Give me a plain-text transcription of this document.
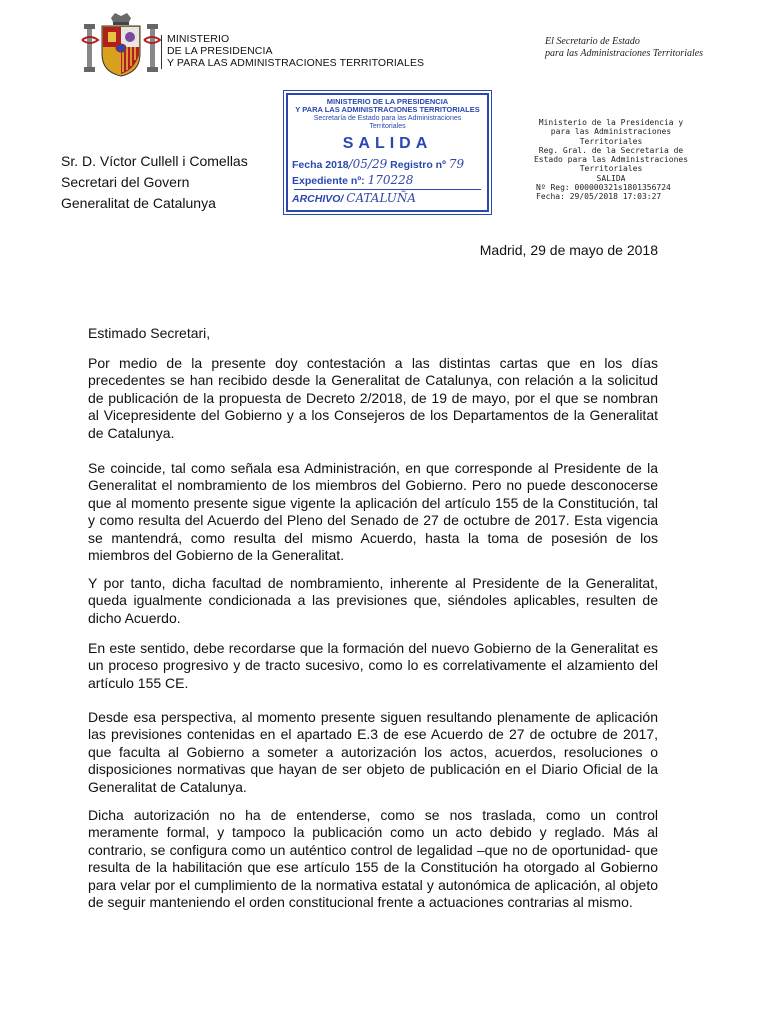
MINISTERIO
DE LA PRESIDENCIA
Y PARA LAS ADMINISTRACIONES TERRITORIALES
El Secretario de Estado
para las Administraciones Territoriales
MINISTERIO DE LA PRESIDENCIA
Y PARA LAS ADMINISTRACIONES TERRITORIALES
Secretaría de Estado para las Administraciones
Territoriales
SALIDA
Fecha 2018/05/29 Registro nº 79
Expediente nº: 170228
ARCHIVO/ CATALUÑA
Ministerio de la Presidencia y
para las Administraciones
Territoriales
Reg. Gral. de la Secretaria de
Estado para las Administraciones
Territoriales
SALIDA
Nº Reg: 000000321s1801356724
Fecha: 29/05/2018 17:03:27
Sr. D. Víctor Cullell i Comellas
Secretari del Govern
Generalitat de Catalunya
Madrid, 29 de mayo de 2018
Estimado Secretari,
Por medio de la presente doy contestación a las distintas cartas que en los días precedentes se han recibido desde la Generalitat de Catalunya, con relación a la solicitud de publicación de la propuesta de Decreto 2/2018, de 19 de mayo, por el que se nombran al Vicepresidente del Gobierno y a los Consejeros de los Departamentos de la Generalitat de Catalunya.
Se coincide, tal como señala esa Administración, en que corresponde al Presidente de la Generalitat el nombramiento de los miembros del Gobierno. Pero no puede desconocerse que al momento presente sigue vigente la aplicación del artículo 155 de la Constitución, tal y como resulta del Acuerdo del Pleno del Senado de 27 de octubre de 2017. Esta vigencia se mantendrá, como resulta del mismo Acuerdo, hasta la toma de posesión de los miembros del Gobierno de la Generalitat.
Y por tanto, dicha facultad de nombramiento, inherente al Presidente de la Generalitat, queda igualmente condicionada a las previsiones que, siéndoles aplicables, resulten de dicho Acuerdo.
En este sentido, debe recordarse que la formación del nuevo Gobierno de la Generalitat es un proceso progresivo y de tracto sucesivo, como lo es correlativamente el alzamiento del artículo 155 CE.
Desde esa perspectiva, al momento presente siguen resultando plenamente de aplicación las previsiones contenidas en el apartado E.3 de ese Acuerdo de 27 de octubre de 2017, que faculta al Gobierno a someter a autorización los actos, acuerdos, resoluciones o disposiciones normativas que hayan de ser objeto de publicación en el Diario Oficial de la Generalitat de Catalunya.
Dicha autorización no ha de entenderse, como se nos traslada, como un control meramente formal, y tampoco la publicación como un acto debido y reglado. Más al contrario, se configura como un auténtico control de legalidad –que no de oportunidad- que resulta de la habilitación que ese artículo 155 de la Constitución ha otorgado al Gobierno para velar por el cumplimiento de la normativa estatal y autonómica de aplicación, al objeto de seguir manteniendo el orden constitucional frente a actuaciones contrarias al mismo.
